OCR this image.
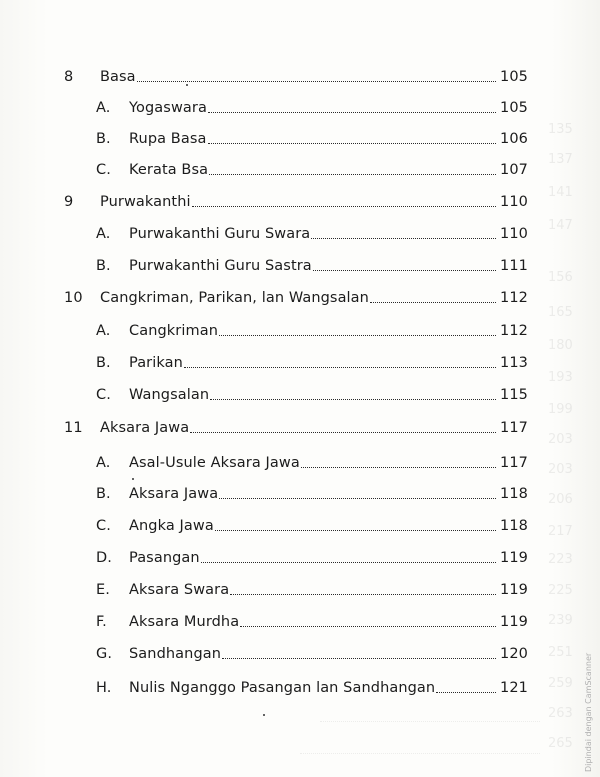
135
137
141
147
156
165
180
193
199
203
203
206
217
223
225
239
251
259
263
265
8	Basa	105
A.	Yogaswara	105
B.	Rupa Basa	106
C.	Kerata Bsa	107
9	Purwakanthi	110
A.	Purwakanthi Guru Swara	110
B.	Purwakanthi Guru Sastra	111
10	Cangkriman, Parikan, lan Wangsalan	112
A.	Cangkriman	112
B.	Parikan	113
C.	Wangsalan	115
11	Aksara Jawa	117
A.	Asal-Usule Aksara Jawa	117
B.	Aksara Jawa	118
C.	Angka Jawa	118
D.	Pasangan	119
E.	Aksara Swara	119
F.	Aksara Murdha	119
G.	Sandhangan	120
H.	Nulis Nganggo Pasangan lan Sandhangan	121	Dipindai dengan CamScanner
